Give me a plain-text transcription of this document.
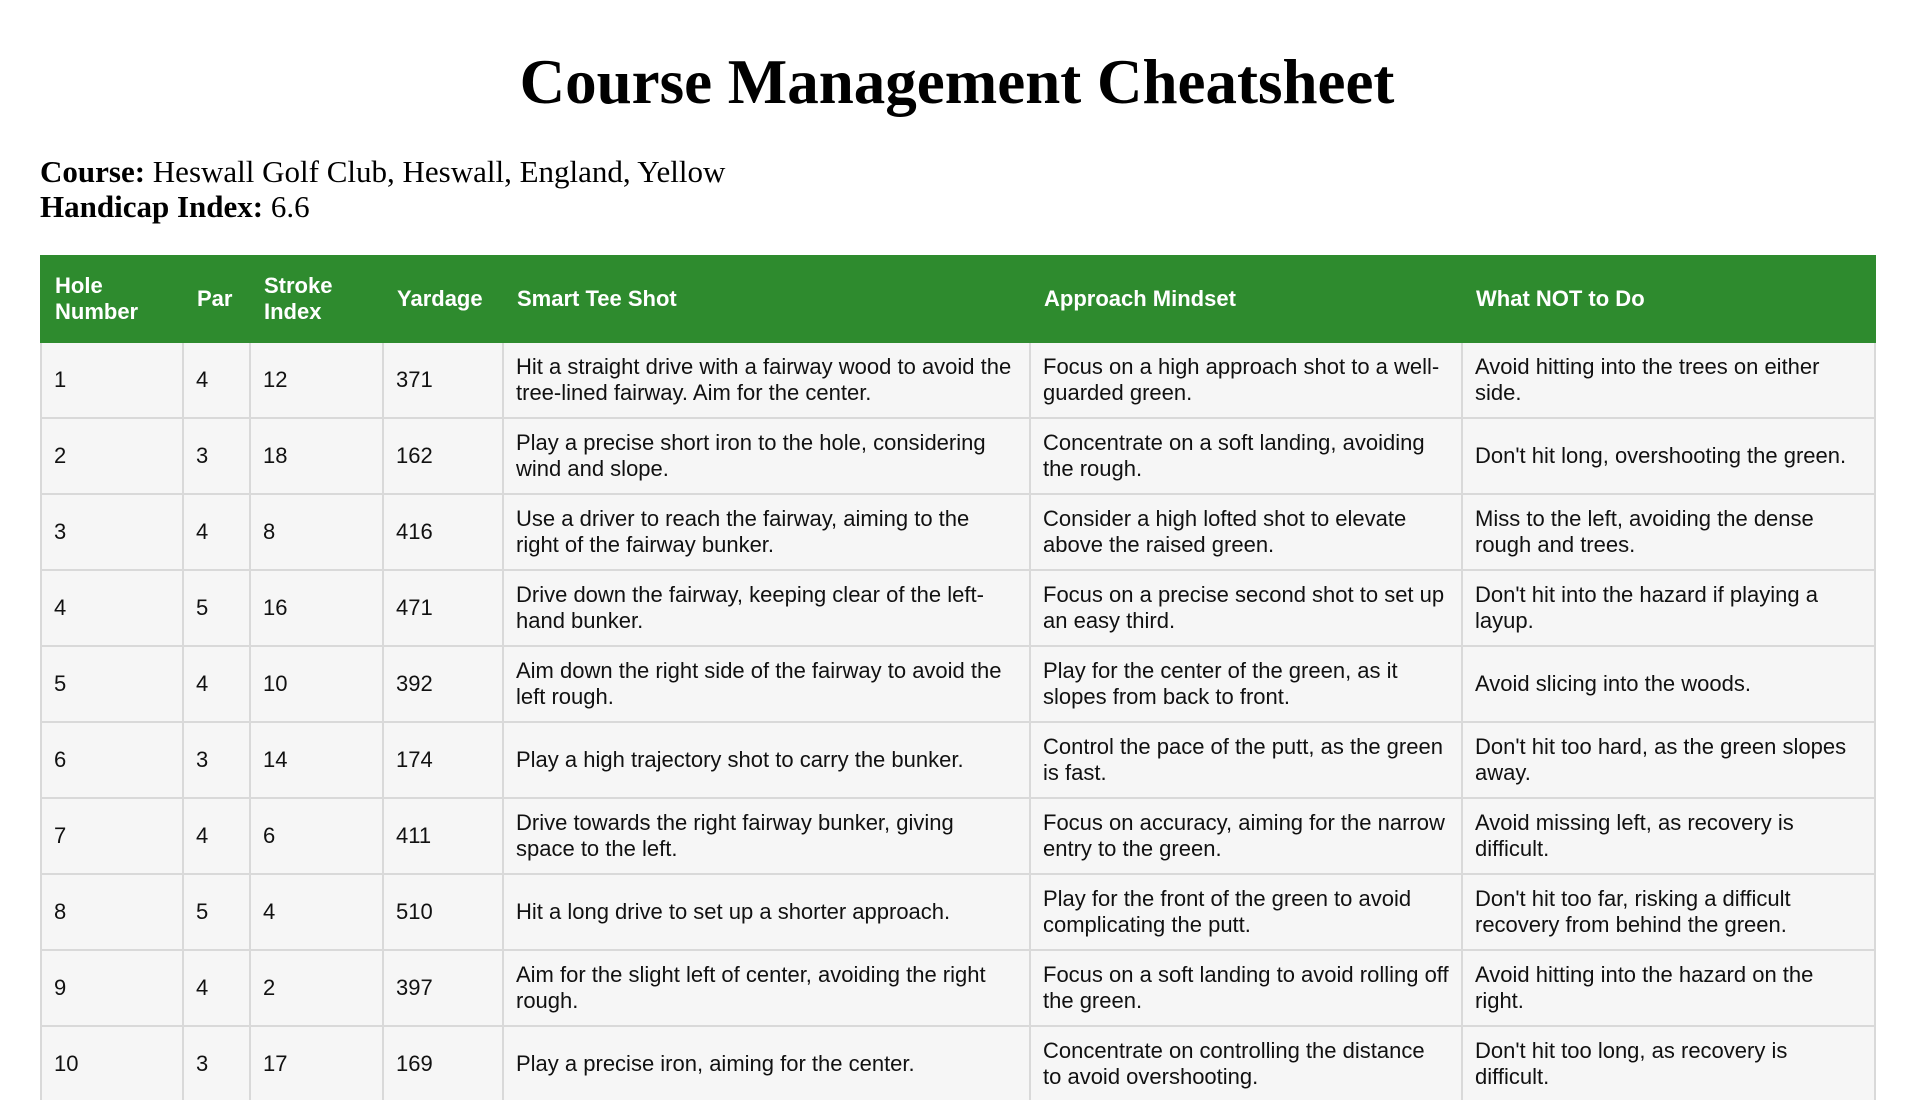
Course Management Cheatsheet
Course: Heswall Golf Club, Heswall, England, Yellow
Handicap Index: 6.6
Hole Number	Par	Stroke Index	Yardage	Smart Tee Shot	Approach Mindset	What NOT to Do
1	4	12	371	Hit a straight drive with a fairway wood to avoid the tree-lined fairway. Aim for the center.	Focus on a high approach shot to a well-guarded green.	Avoid hitting into the trees on either side.
2	3	18	162	Play a precise short iron to the hole, considering wind and slope.	Concentrate on a soft landing, avoiding the rough.	Don't hit long, overshooting the green.
3	4	8	416	Use a driver to reach the fairway, aiming to the right of the fairway bunker.	Consider a high lofted shot to elevate above the raised green.	Miss to the left, avoiding the dense rough and trees.
4	5	16	471	Drive down the fairway, keeping clear of the left-hand bunker.	Focus on a precise second shot to set up an easy third.	Don't hit into the hazard if playing a layup.
5	4	10	392	Aim down the right side of the fairway to avoid the left rough.	Play for the center of the green, as it slopes from back to front.	Avoid slicing into the woods.
6	3	14	174	Play a high trajectory shot to carry the bunker.	Control the pace of the putt, as the green is fast.	Don't hit too hard, as the green slopes away.
7	4	6	411	Drive towards the right fairway bunker, giving space to the left.	Focus on accuracy, aiming for the narrow entry to the green.	Avoid missing left, as recovery is difficult.
8	5	4	510	Hit a long drive to set up a shorter approach.	Play for the front of the green to avoid complicating the putt.	Don't hit too far, risking a difficult recovery from behind the green.
9	4	2	397	Aim for the slight left of center, avoiding the right rough.	Focus on a soft landing to avoid rolling off the green.	Avoid hitting into the hazard on the right.
10	3	17	169	Play a precise iron, aiming for the center.	Concentrate on controlling the distance to avoid overshooting.	Don't hit too long, as recovery is difficult.
